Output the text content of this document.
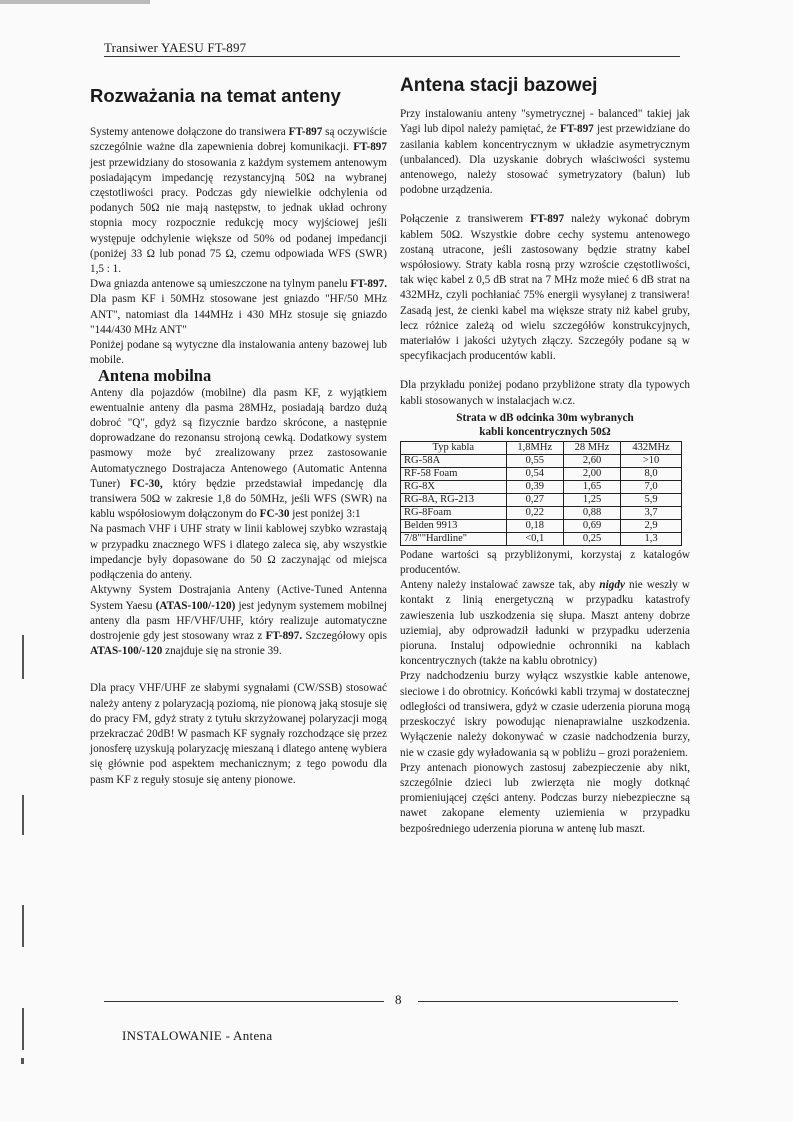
Transiwer YAESU FT-897
Rozważania na temat anteny

Systemy antenowe dołączone do transiwera FT-897 są oczywiście szczególnie ważne dla zapewnienia dobrej komunikacji. FT-897 jest przewidziany do stosowania z każdym systemem antenowym posiadającym impedancję rezystancyjną 50Ω na wybranej częstotliwości pracy. Podczas gdy niewielkie odchylenia od podanych 50Ω nie mają następstw, to jednak układ ochrony stopnia mocy rozpocznie redukcję mocy wyjściowej jeśli występuje odchylenie większe od 50% od podanej impedancji (poniżej 33 Ω lub ponad 75 Ω, czemu odpowiada WFS (SWR) 1,5 : 1.

Dwa gniazda antenowe są umieszczone na tylnym panelu FT-897. Dla pasm KF i 50MHz stosowane jest gniazdo "HF/50 MHz ANT", natomiast dla 144MHz i 430 MHz stosuje się gniazdo "144/430 MHz ANT"

Poniżej podane są wytyczne dla instalowania anteny bazowej lub mobile.

Antena mobilna

Anteny dla pojazdów (mobilne) dla pasm KF, z wyjątkiem ewentualnie anteny dla pasma 28MHz, posiadają bardzo dużą dobroć "Q", gdyż są fizycznie bardzo skrócone, a następnie doprowadzane do rezonansu strojoną cewką. Dodatkowy system pasmowy może być zrealizowany przez zastosowanie Automatycznego Dostrajacza Antenowego (Automatic Antenna Tuner) FC-30, który będzie przedstawiał impedancję dla transiwera 50Ω w zakresie 1,8 do 50MHz, jeśli WFS (SWR) na kablu współosiowym dołączonym do FC-30 jest poniżej 3:1

Na pasmach VHF i UHF straty w linii kablowej szybko wzrastają w przypadku znacznego WFS i dlatego zaleca się, aby wszystkie impedancje były dopasowane do 50 Ω zaczynając od miejsca podłączenia do anteny.

Aktywny System Dostrajania Anteny (Active-Tuned Antenna System Yaesu (ATAS-100/-120) jest jedynym systemem mobilnej anteny dla pasm HF/VHF/UHF, który realizuje automatyczne dostrojenie gdy jest stosowany wraz z FT-897. Szczegółowy opis ATAS-100/-120 znajduje się na stronie 39.

Dla pracy VHF/UHF ze słabymi sygnałami (CW/SSB) stosować należy anteny z polaryzacją poziomą, nie pionową jaką stosuje się do pracy FM, gdyż straty z tytułu skrzyżowanej polaryzacji mogą przekraczać 20dB! W pasmach KF sygnały rozchodzące się przez jonosferę uzyskują polaryzację mieszaną i dlatego antenę wybiera się głównie pod aspektem mechanicznym; z tego powodu dla pasm KF z reguły stosuje się anteny pionowe.

Antena stacji bazowej

Przy instalowaniu anteny "symetrycznej - balanced" takiej jak Yagi lub dipol należy pamiętać, że FT-897 jest przewidziane do zasilania kablem koncentrycznym w układzie asymetrycznym (unbalanced). Dla uzyskanie dobrych właściwości systemu antenowego, należy stosować symetryzatory (balun) lub podobne urządzenia.

Połączenie z transiwerem FT-897 należy wykonać dobrym kablem 50Ω. Wszystkie dobre cechy systemu antenowego zostaną utracone, jeśli zastosowany będzie stratny kabel współosiowy. Straty kabla rosną przy wzroście częstotliwości, tak więc kabel z 0,5 dB strat na 7 MHz może mieć 6 dB strat na 432MHz, czyli pochłaniać 75% energii wysyłanej z transiwera! Zasadą jest, że cienki kabel ma większe straty niż kabel gruby, lecz różnice zależą od wielu szczegółów konstrukcyjnych, materiałów i jakości użytych złączy. Szczegóły podane są w specyfikacjach producentów kabli.

Dla przykładu poniżej podano przybliżone straty dla typowych kabli stosowanych w instalacjach w.cz.

Strata w dB odcinka 30m wybranych
kabli koncentrycznych 50Ω
Typ kabla	1,8MHz	28 MHz	432MHz
RG-58A	0,55	2,60	>10
RF-58 Foam	0,54	2,00	8,0
RG-8X	0,39	1,65	7,0
RG-8A, RG-213	0,27	1,25	5,9
RG-8Foam	0,22	0,88	3,7
Belden 9913	0,18	0,69	2,9
7/8""Hardline"	<0,1	0,25	1,3

Podane wartości są przybliżonymi, korzystaj z katalogów producentów.

Anteny należy instalować zawsze tak, aby nigdy nie weszły w kontakt z linią energetyczną w przypadku katastrofy zawieszenia lub uszkodzenia się słupa. Maszt anteny dobrze uziemiaj, aby odprowadził ładunki w przypadku uderzenia pioruna. Instaluj odpowiednie ochronniki na kablach koncentrycznych (także na kablu obrotnicy)

Przy nadchodzeniu burzy wyłącz wszystkie kable antenowe, sieciowe i do obrotnicy. Końcówki kabli trzymaj w dostatecznej odległości od transiwera, gdyż w czasie uderzenia pioruna mogą przeskoczyć iskry powodując nienaprawialne uszkodzenia. Wyłączenie należy dokonywać w czasie nadchodzenia burzy, nie w czasie gdy wyładowania są w pobliżu – grozi porażeniem.

Przy antenach pionowych zastosuj zabezpieczenie aby nikt, szczególnie dzieci lub zwierzęta nie mogły dotknąć promieniującej części anteny. Podczas burzy niebezpieczne są nawet zakopane elementy uziemienia w przypadku bezpośredniego uderzenia pioruna w antenę lub maszt.

8
INSTALOWANIE - Antena
